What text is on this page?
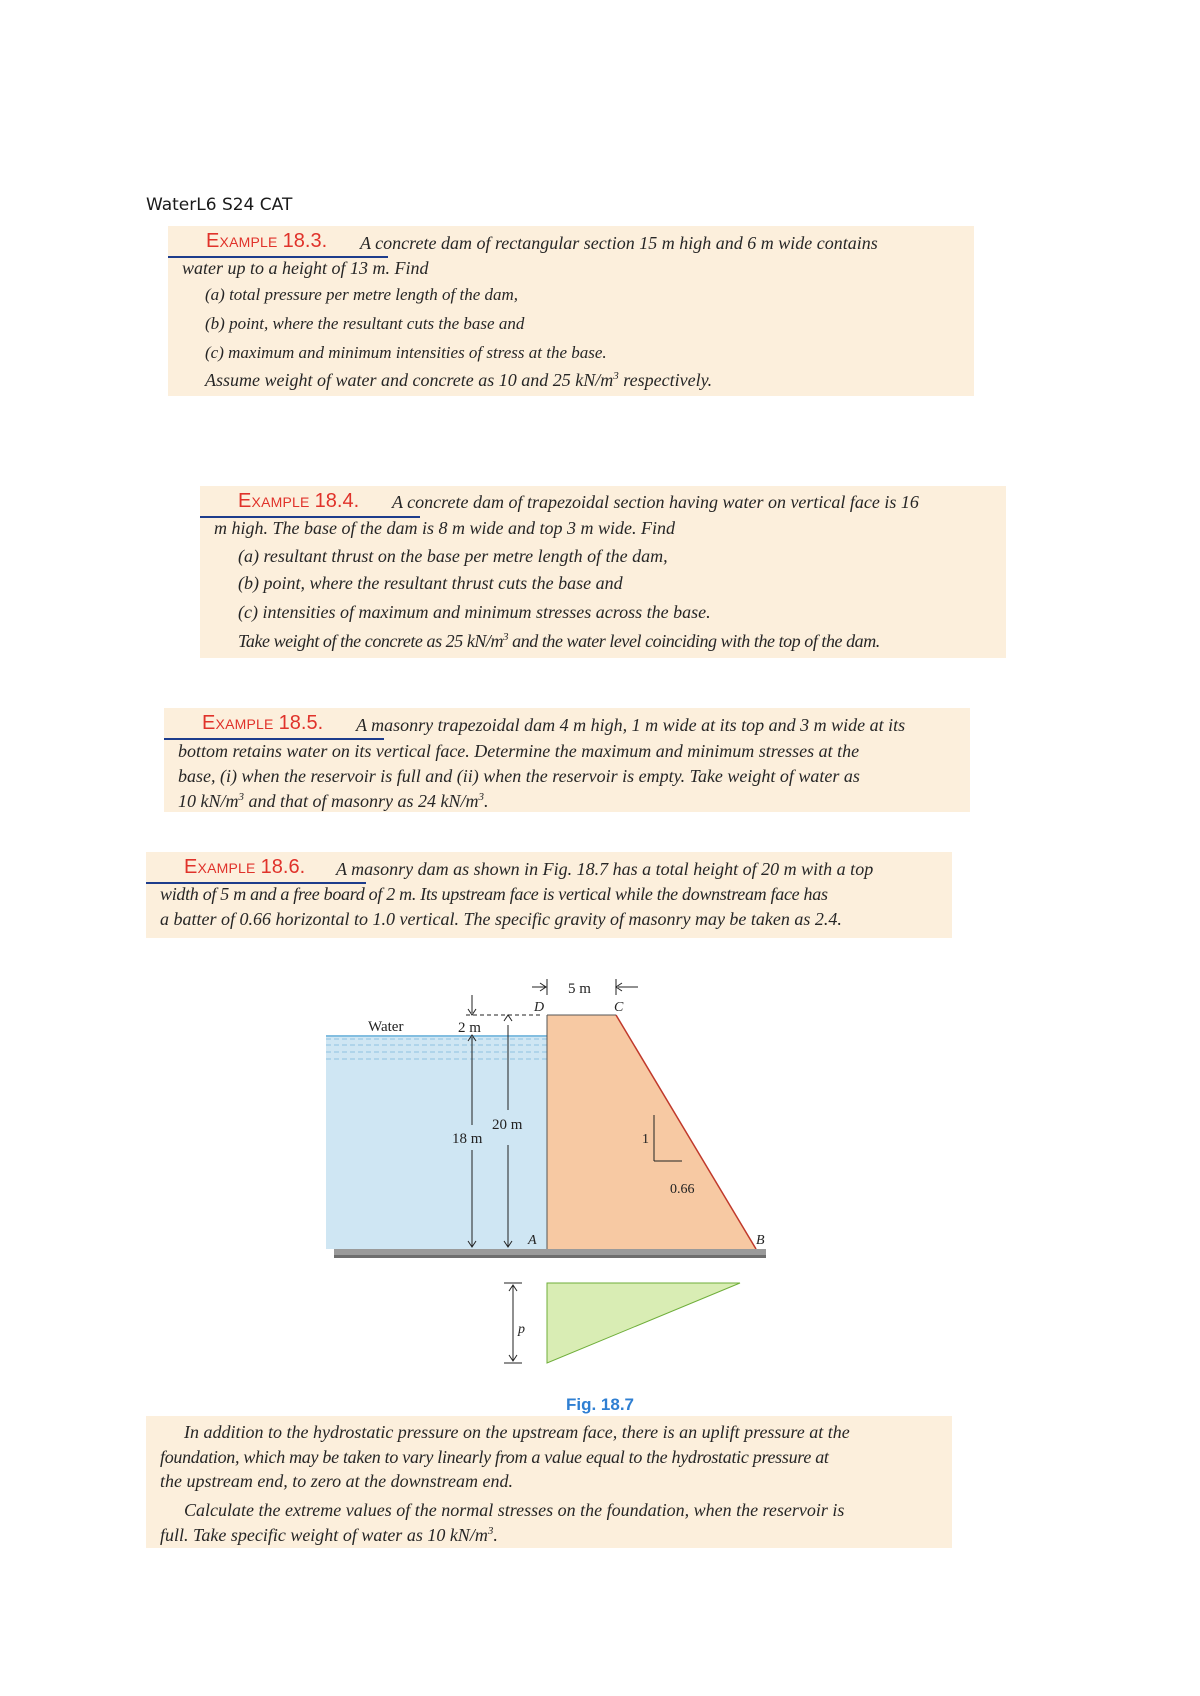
WaterL6 S24 CAT
Example 18.3.	A concrete dam of rectangular section 15 m high and 6 m wide contains
water up to a height of 13 m. Find
(a) total pressure per metre length of the dam,
(b) point, where the resultant cuts the base and
(c) maximum and minimum intensities of stress at the base.
Assume weight of water and concrete as 10 and 25 $kN/m^3$ respectively.
Example 18.4.	A concrete dam of trapezoidal section having water on vertical face is 16
m high. The base of the dam is 8 m wide and top 3 m wide. Find
(a) resultant thrust on the base per metre length of the dam,
(b) point, where the resultant thrust cuts the base and
(c) intensities of maximum and minimum stresses across the base.
Take weight of the concrete as 25 $kN/m^3$ and the water level coinciding with the top of the dam.
Example 18.5.	A masonry trapezoidal dam 4 m high, 1 m wide at its top and 3 m wide at its
bottom retains water on its vertical face. Determine the maximum and minimum stresses at the
base, (i) when the reservoir is full and (ii) when the reservoir is empty. Take weight of water as
10 $kN/m^3$ and that of masonry as 24 $kN/m^3$.
Example 18.6.	A masonry dam as shown in Fig. 18.7 has a total height of 20 m with a top
width of 5 m and a free board of 2 m. Its upstream face is vertical while the downstream face has
a batter of 0.66 horizontal to 1.0 vertical. The specific gravity of masonry may be taken as 2.4.
Water
5 m
2 m
18 m
20 m
1
0.66
A	B
C
D
p
Fig. 18.7
In addition to the hydrostatic pressure on the upstream face, there is an uplift pressure at the
foundation, which may be taken to vary linearly from a value equal to the hydrostatic pressure at
the upstream end, to zero at the downstream end.
Calculate the extreme values of the normal stresses on the foundation, when the reservoir is
full. Take specific weight of water as 10 $kN/m^3$.
